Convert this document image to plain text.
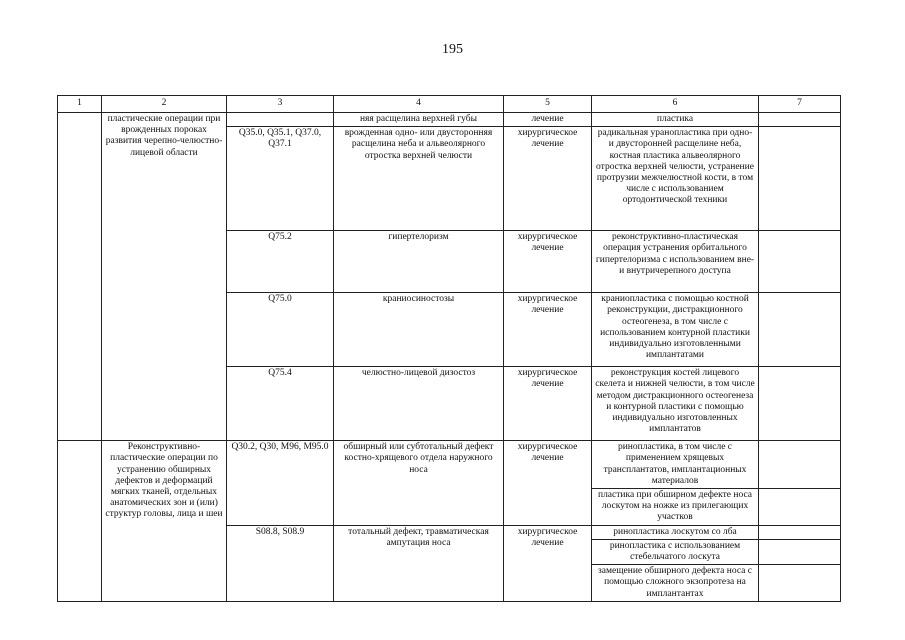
195
1	2	3	4	5	6	7
	пластические операции при врожденных пороках развития черепно-челюстно-лицевой области		няя расщелина верхней губы	лечение	пластика	
		Q35.0, Q35.1, Q37.0, Q37.1	врожденная одно- или двусторонняя расщелина неба и альвеолярного отростка верхней челюсти	хирургическое лечение	радикальная уранопластика при одно- и двусторонней расщелине неба, костная пластика альвеолярного отростка верхней челюсти, устранение протрузии межчелюстной кости, в том числе с использованием ортодонтической техники	
		Q75.2	гипертелоризм	хирургическое лечение	реконструктивно-пластическая операция устранения орбитального гипертелоризма с использованием вне- и внутричерепного доступа	
		Q75.0	краниосиностозы	хирургическое лечение	краниопластика с помощью костной реконструкции, дистракционного остеогенеза, в том числе с использованием контурной пластики индивидуально изготовленными имплантатами	
		Q75.4	челюстно-лицевой дизостоз	хирургическое лечение	реконструкция костей лицевого скелета и нижней челюсти, в том числе методом дистракционного остеогенеза и контурной пластики с помощью индивидуально изготовленных имплантатов	
	Реконструктивно-пластические операции по устранению обширных дефектов и деформаций мягких тканей, отдельных анатомических зон и (или) структур головы, лица и шеи	Q30.2, Q30, M96, M95.0	обширный или субтотальный дефект костно-хрящевого отдела наружного носа	хирургическое лечение	ринопластика, в том числе с применением хрящевых трансплантатов, имплантационных материалов	
					пластика при обширном дефекте носа лоскутом на ножке из прилегающих участков	
		S08.8, S08.9	тотальный дефект, травматическая ампутация носа	хирургическое лечение	ринопластика лоскутом со лба	
					ринопластика с использованием стебельчатого лоскута	
					замещение обширного дефекта носа с помощью сложного экзопротеза на имплантантах	
